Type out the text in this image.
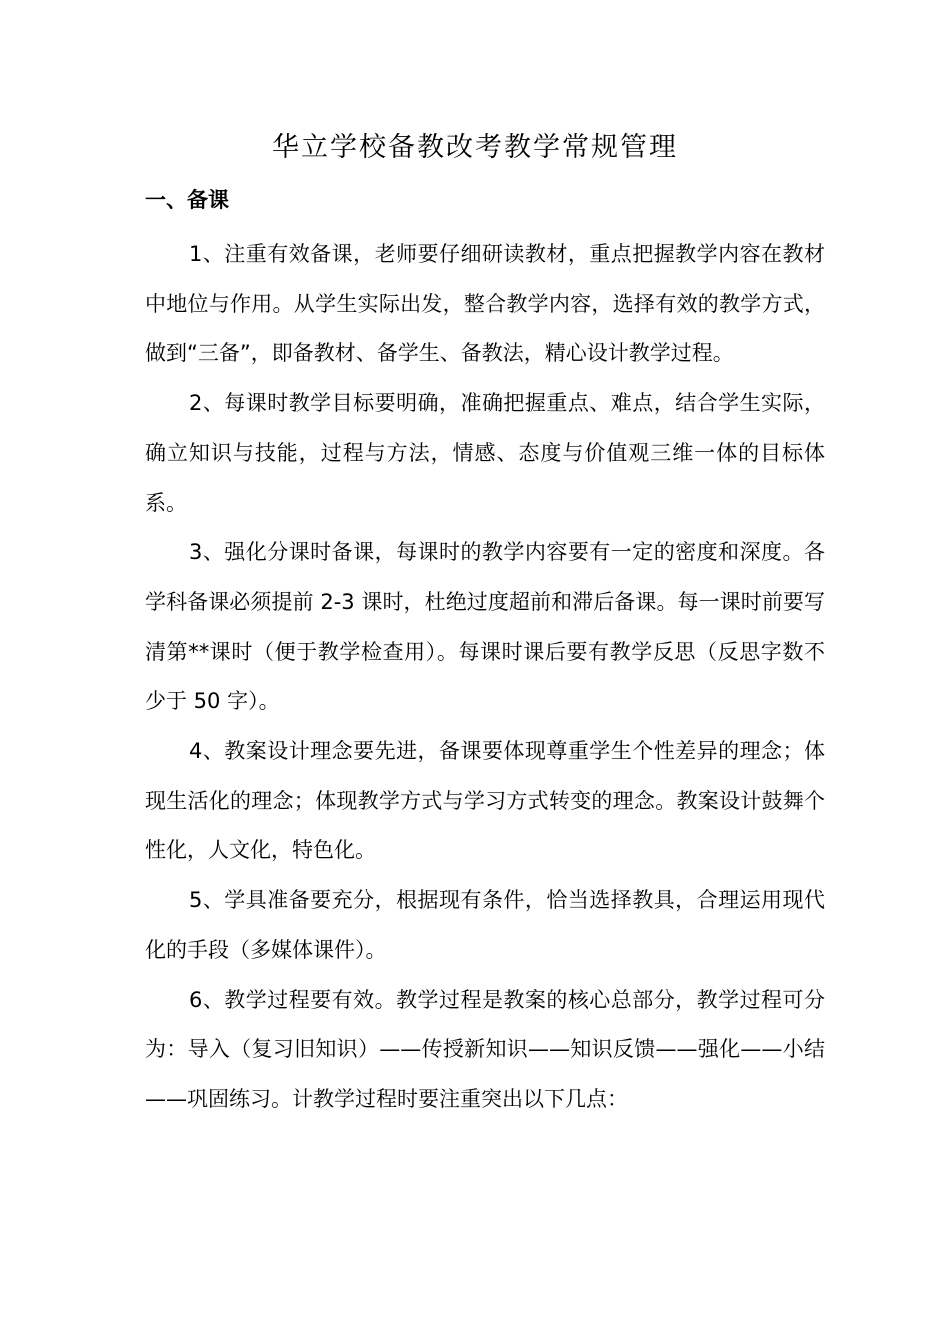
华立学校备教改考教学常规管理
一、备课

1、注重有效备课，老师要仔细研读教材，重点把握教学内容在教材中地位与作用。从学生实际出发，整合教学内容，选择有效的教学方式，做到“三备”，即备教材、备学生、备教法，精心设计教学过程。

2、每课时教学目标要明确，准确把握重点、难点，结合学生实际，确立知识与技能，过程与方法，情感、态度与价值观三维一体的目标体系。

3、强化分课时备课，每课时的教学内容要有一定的密度和深度。各学科备课必须提前 2-3 课时，杜绝过度超前和滞后备课。每一课时前要写清第**课时（便于教学检查用）。每课时课后要有教学反思（反思字数不少于 50 字）。

4、教案设计理念要先进，备课要体现尊重学生个性差异的理念；体现生活化的理念；体现教学方式与学习方式转变的理念。教案设计鼓舞个性化，人文化，特色化。

5、学具准备要充分，根据现有条件，恰当选择教具，合理运用现代化的手段（多媒体课件）。

6、教学过程要有效。教学过程是教案的核心总部分，教学过程可分为：导入（复习旧知识）——传授新知识——知识反馈——强化——小结——巩固练习。计教学过程时要注重突出以下几点：
